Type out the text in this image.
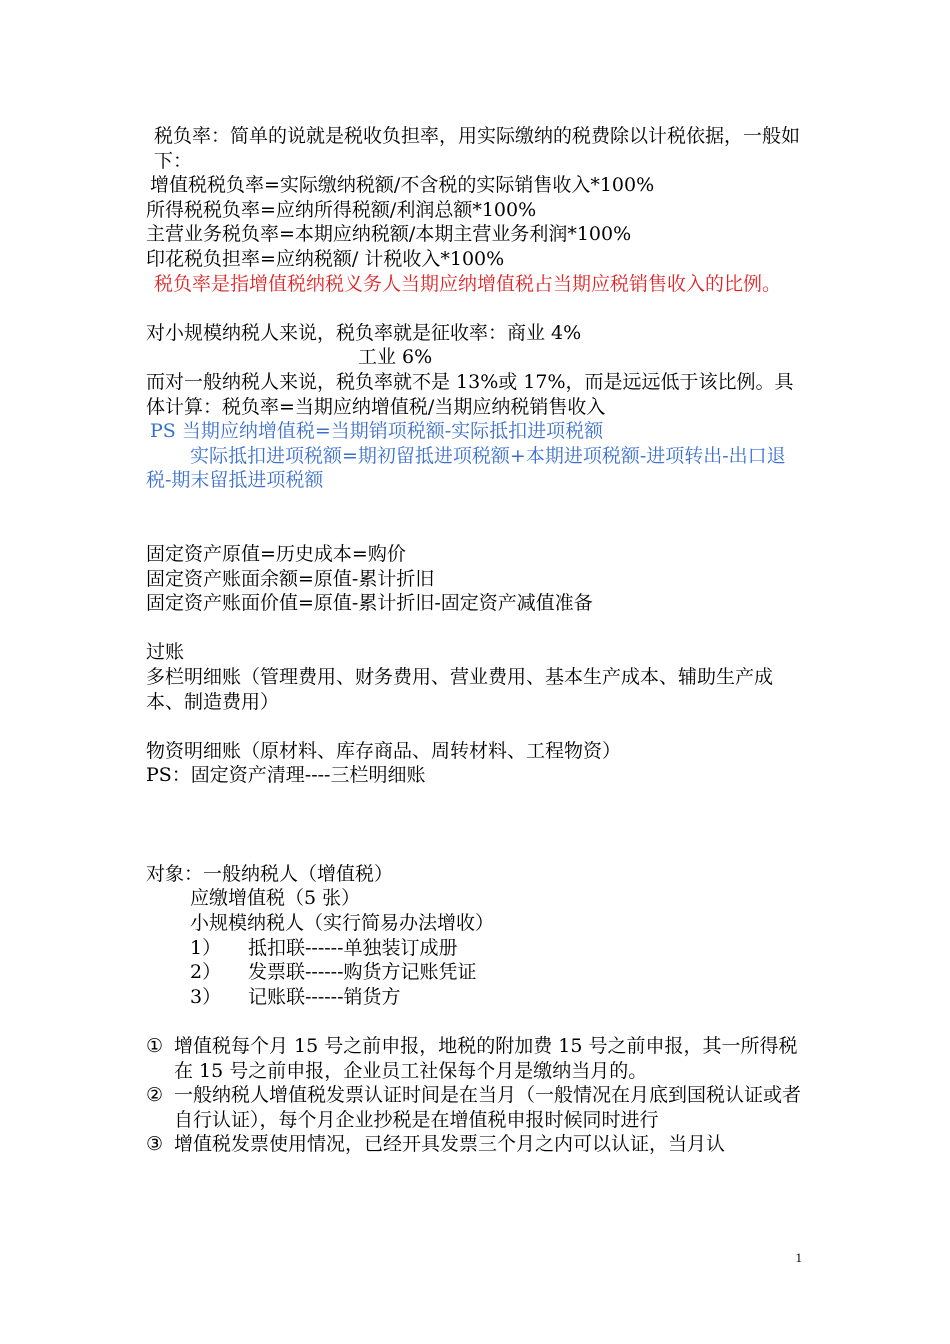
税负率：简单的说就是税收负担率，用实际缴纳的税费除以计税依据，一般如下：

增值税税负率=实际缴纳税额/不含税的实际销售收入*100%

所得税税负率=应纳所得税额/利润总额*100%

主营业务税负率=本期应纳税额/本期主营业务利润*100%

印花税负担率=应纳税额/ 计税收入*100%

税负率是指增值税纳税义务人当期应纳增值税占当期应税销售收入的比例。

对小规模纳税人来说，税负率就是征收率：商业 4%

工业 6%

而对一般纳税人来说，税负率就不是 13%或 17%，而是远远低于该比例。具体计算：税负率=当期应纳增值税/当期应纳税销售收入

PS 当期应纳增值税=当期销项税额-实际抵扣进项税额

实际抵扣进项税额=期初留抵进项税额+本期进项税额-进项转出-出口退税-期末留抵进项税额

固定资产原值=历史成本=购价

固定资产账面余额=原值-累计折旧

固定资产账面价值=原值-累计折旧-固定资产减值准备

过账

多栏明细账（管理费用、财务费用、营业费用、基本生产成本、辅助生产成本、制造费用）

物资明细账（原材料、库存商品、周转材料、工程物资）

PS：固定资产清理----三栏明细账

对象：一般纳税人（增值税）

应缴增值税（5 张）

小规模纳税人（实行简易办法增收）

1） 抵扣联------单独装订成册

2） 发票联------购货方记账凭证

3） 记账联------销货方

① 增值税每个月 15 号之前申报，地税的附加费 15 号之前申报，其一所得税在 15 号之前申报，企业员工社保每个月是缴纳当月的。
② 一般纳税人增值税发票认证时间是在当月（一般情况在月底到国税认证或者自行认证），每个月企业抄税是在增值税申报时候同时进行
③ 增值税发票使用情况，已经开具发票三个月之内可以认证，当月认
1
